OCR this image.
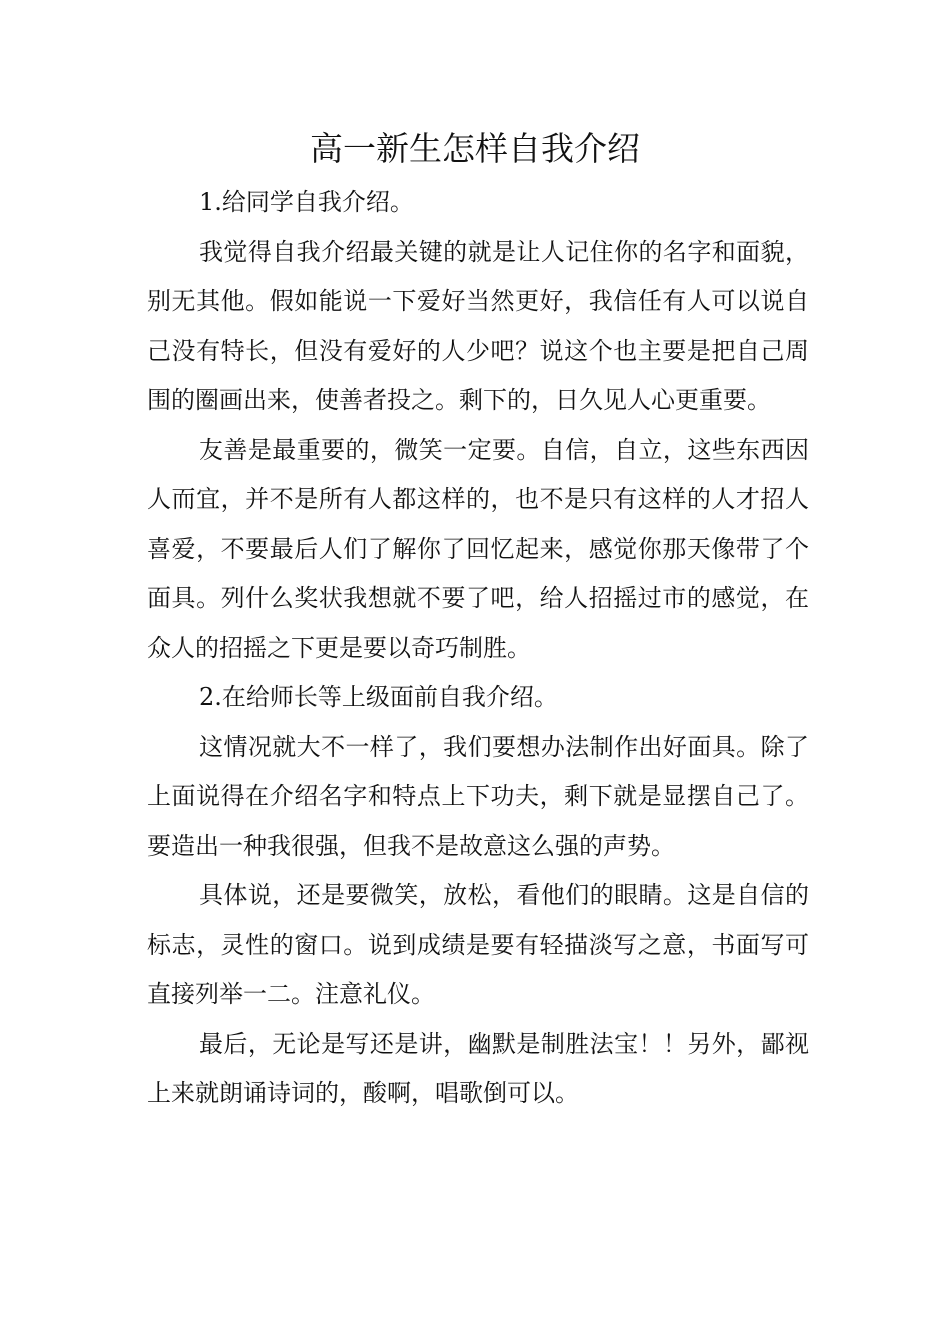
高一新生怎样自我介绍

1.给同学自我介绍。

我觉得自我介绍最关键的就是让人记住你的名字和面貌，别无其他。假如能说一下爱好当然更好，我信任有人可以说自己没有特长，但没有爱好的人少吧？说这个也主要是把自己周围的圈画出来，使善者投之。剩下的，日久见人心更重要。

友善是最重要的，微笑一定要。自信，自立，这些东西因人而宜，并不是所有人都这样的，也不是只有这样的人才招人喜爱，不要最后人们了解你了回忆起来，感觉你那天像带了个面具。列什么奖状我想就不要了吧，给人招摇过市的感觉，在众人的招摇之下更是要以奇巧制胜。

2.在给师长等上级面前自我介绍。

这情况就大不一样了，我们要想办法制作出好面具。除了上面说得在介绍名字和特点上下功夫，剩下就是显摆自己了。要造出一种我很强，但我不是故意这么强的声势。

具体说，还是要微笑，放松，看他们的眼睛。这是自信的标志，灵性的窗口。说到成绩是要有轻描淡写之意，书面写可直接列举一二。注意礼仪。

最后，无论是写还是讲，幽默是制胜法宝！！另外，鄙视上来就朗诵诗词的，酸啊，唱歌倒可以。
